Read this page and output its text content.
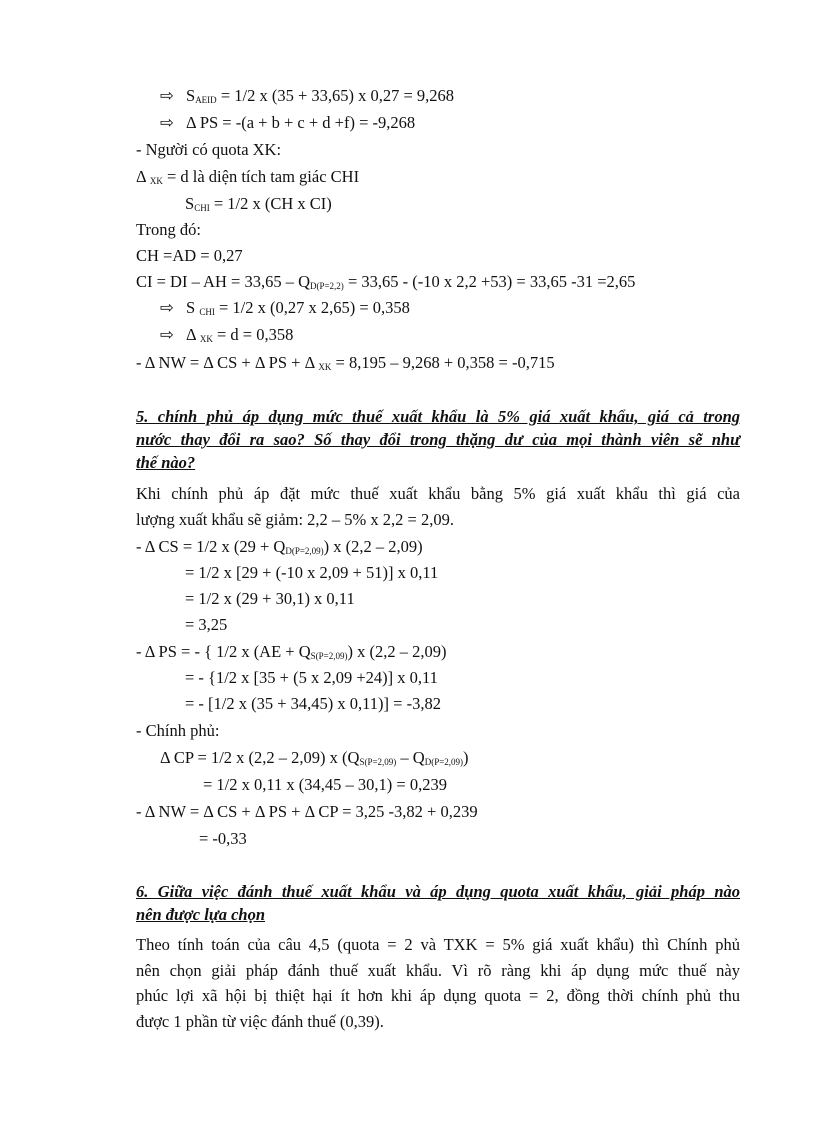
⇨ $S_{AEID} = 1/2$ x (35 + 33,65) x 0,27 = 9,268
⇨ Δ PS = -(a + b + c + d +f) = -9,268
- Người có quota XK:
Δ $_{XK}$ = d là diện tích tam giác CHI
$S_{CHI} = 1/2$ x (CH x CI)
Trong đó:
CH =AD = 0,27
CI = DI – AH = $33,65 - Q_{D(P=2,2)} = 33,65 - (-10$ x 2,2 +53) = 33,65 -31 =2,65
⇨ S $_{CHI}$ = 1/2 x (0,27 x 2,65) = 0,358
⇨ Δ $_{XK}$ = d = 0,358
- Δ NW = Δ CS + Δ PS + Δ $_{XK}$ = 8,195 – 9,268 + 0,358 = -0,715
5. chính phủ áp dụng mức thuế xuất khẩu là 5% giá xuất khẩu, giá cả trong
nước thay đổi ra sao? Số thay đổi trong thặng dư của mọi thành viên sẽ như
thế nào?
Khi chính phủ áp đặt mức thuế xuất khẩu bằng 5% giá xuất khẩu thì giá của
lượng xuất khẩu sẽ giảm: 2,2 – 5% x 2,2 = 2,09.
- Δ CS = 1/2 x $(29 + Q_{D(P=2,09)})$ x (2,2 – 2,09)
= 1/2 x [29 + (-10 x 2,09 + 51)] x 0,11
= 1/2 x (29 + 30,1) x 0,11
= 3,25
- Δ PS = - { 1/2 x $(AE + Q_{S(P=2,09)})$ x (2,2 – 2,09)
= - {1/2 x [35 + (5 x 2,09 +24)] x 0,11
= - [1/2 x (35 + 34,45) x 0,11)] = -3,82
- Chính phủ:
Δ CP = 1/2 x (2,2 – 2,09) x $(Q_{S(P=2,09)} - Q_{D(P=2,09)})$
= 1/2 x 0,11 x (34,45 – 30,1) = 0,239
- Δ NW = Δ CS + Δ PS + Δ CP = 3,25 -3,82 + 0,239
= -0,33
6. Giữa việc đánh thuế xuất khẩu và áp dụng quota xuất khẩu, giải pháp nào
nên được lựa chọn
Theo tính toán của câu 4,5 (quota = 2 và TXK = 5% giá xuất khẩu) thì Chính phủ
nên chọn giải pháp đánh thuế xuất khẩu. Vì rõ ràng khi áp dụng mức thuế này
phúc lợi xã hội bị thiệt hại ít hơn khi áp dụng quota = 2, đồng thời chính phủ thu
được 1 phần từ việc đánh thuế (0,39).
